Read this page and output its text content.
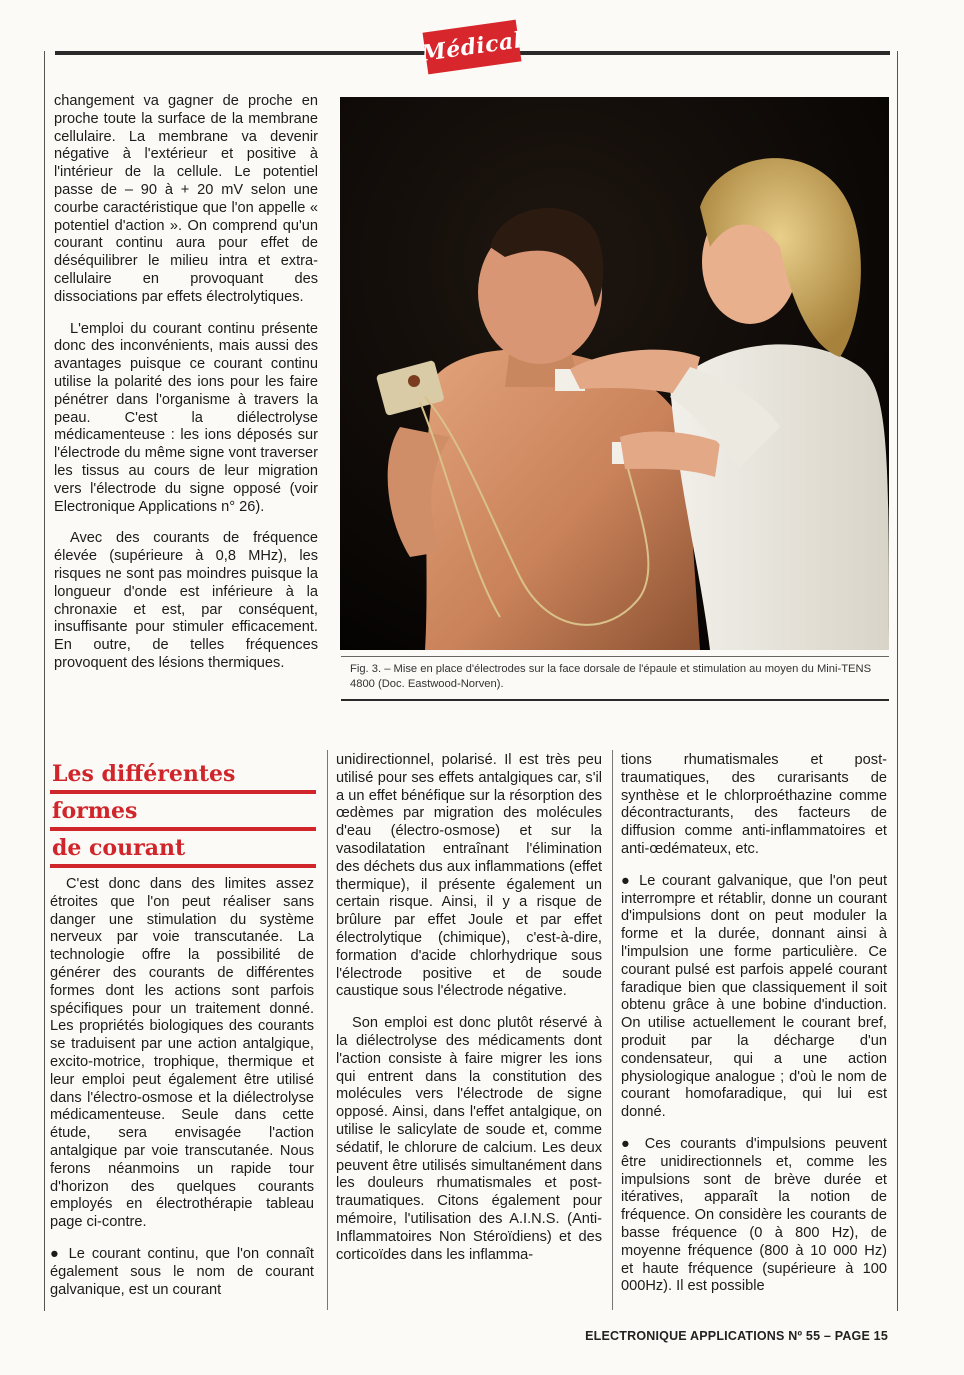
Médical

changement va gagner de proche en proche toute la surface de la membrane cellulaire. La membrane va devenir négative à l'extérieur et positive à l'intérieur de la cellule. Le potentiel passe de – 90 à + 20 mV selon une courbe caractéristique que l'on appelle « potentiel d'action ». On comprend qu'un courant continu aura pour effet de déséquilibrer le milieu intra et extra-cellulaire en provoquant des dissociations par effets électrolytiques.

L'emploi du courant continu présente donc des inconvénients, mais aussi des avantages puisque ce courant continu utilise la polarité des ions pour les faire pénétrer dans l'organisme à travers la peau. C'est la diélectrolyse médicamenteuse : les ions déposés sur l'électrode du même signe vont traverser les tissus au cours de leur migration vers l'électrode du signe opposé (voir Electronique Applications n° 26).

Avec des courants de fréquence élevée (supérieure à 0,8 MHz), les risques ne sont pas moindres puisque la longueur d'onde est inférieure à la chronaxie et est, par conséquent, insuffisante pour stimuler efficacement. En outre, de telles fréquences provoquent des lésions thermiques.	Fig. 3. – Mise en place d'électrodes sur la face dorsale de l'épaule et stimulation au moyen du Mini-TENS 4800 (Doc. Eastwood-Norven).
Les différentes
formes
de courant

C'est donc dans des limites assez étroites que l'on peut réaliser sans danger une stimulation du système nerveux par voie transcutanée. La technologie offre la possibilité de générer des courants de différentes formes dont les actions sont parfois spécifiques pour un traitement donné. Les propriétés biologiques des courants se traduisent par une action antalgique, excito-motrice, trophique, thermique et leur emploi peut également être utilisé dans l'électro-osmose et la diélectrolyse médicamenteuse. Seule dans cette étude, sera envisagée l'action antalgique par voie transcutanée. Nous ferons néanmoins un rapide tour d'horizon des quelques courants employés en électrothérapie tableau page ci-contre.

● Le courant continu, que l'on connaît également sous le nom de courant galvanique, est un courant

unidirectionnel, polarisé. Il est très peu utilisé pour ses effets antalgiques car, s'il a un effet bénéfique sur la résorption des œdèmes par migration des molécules d'eau (électro-osmose) et sur la vasodilatation entraînant l'élimination des déchets dus aux inflammations (effet thermique), il présente également un certain risque. Ainsi, il y a risque de brûlure par effet Joule et par effet électrolytique (chimique), c'est-à-dire, formation d'acide chlorhydrique sous l'électrode positive et de soude caustique sous l'électrode négative.

Son emploi est donc plutôt réservé à la diélectrolyse des médicaments dont l'action consiste à faire migrer les ions qui entrent dans la constitution des molécules vers l'électrode de signe opposé. Ainsi, dans l'effet antalgique, on utilise le salicylate de soude et, comme sédatif, le chlorure de calcium. Les deux peuvent être utilisés simultanément dans les douleurs rhumatismales et post-traumatiques. Citons également pour mémoire, l'utilisation des A.I.N.S. (Anti-Inflammatoires Non Stéroïdiens) et des corticoïdes dans les inflamma-

tions rhumatismales et post-traumatiques, des curarisants de synthèse et le chlorproéthazine comme décontracturants, des facteurs de diffusion comme anti-inflammatoires et anti-œdémateux, etc.

● Le courant galvanique, que l'on peut interrompre et rétablir, donne un courant d'impulsions dont on peut moduler la forme et la durée, donnant ainsi à l'impulsion une forme particulière. Ce courant pulsé est parfois appelé courant faradique bien que classiquement il soit obtenu grâce à une bobine d'induction. On utilise actuellement le courant bref, produit par la décharge d'un condensateur, qui a une action physiologique analogue ; d'où le nom de courant homofaradique, qui lui est donné.

● Ces courants d'impulsions peuvent être unidirectionnels et, comme les impulsions sont de brève durée et itératives, apparaît la notion de fréquence. On considère les courants de basse fréquence (0 à 800 Hz), de moyenne fréquence (800 à 10 000 Hz) et haute fréquence (supérieure à 100 000Hz). Il est possible

ELECTRONIQUE APPLICATIONS Nº 55 – PAGE 15
